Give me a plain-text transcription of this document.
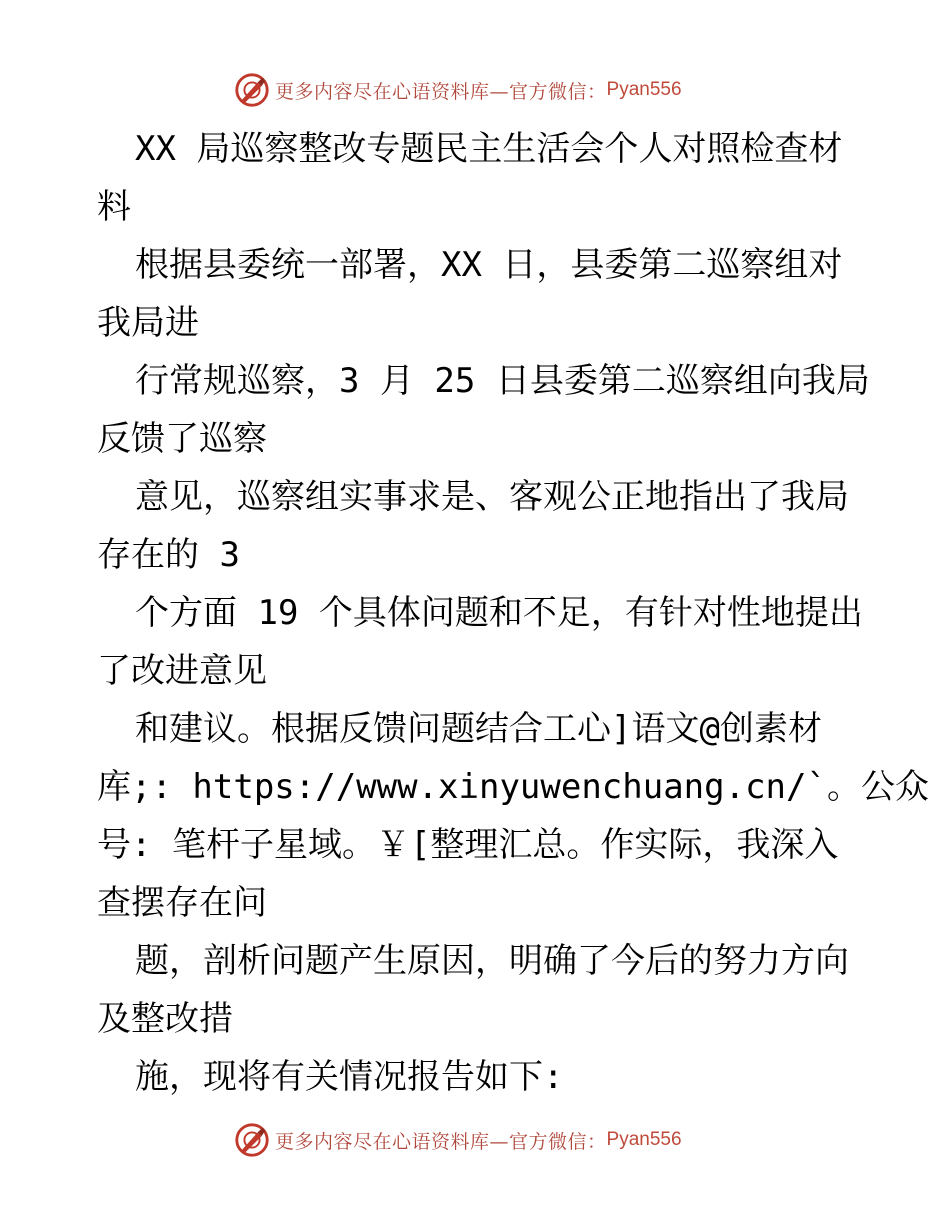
更多内容尽在心语资料库—官方微信： Pyan556
XX 局巡察整改专题民主生活会个人对照检查材
料
根据县委统一部署，XX 日，县委第二巡察组对
我局进
行常规巡察，3 月 25 日县委第二巡察组向我局
反馈了巡察
意见，巡察组实事求是、客观公正地指出了我局
存在的 3
个方面 19 个具体问题和不足，有针对性地提出
了改进意见
和建议。根据反馈问题结合工心]语文@创素材
库;: https://www.xinyuwenchuang.cn/`。公众
号: 笔杆子星域。￥[整理汇总。作实际，我深入
查摆存在问
题，剖析问题产生原因，明确了今后的努力方向
及整改措
施，现将有关情况报告如下:
更多内容尽在心语资料库—官方微信： Pyan556
